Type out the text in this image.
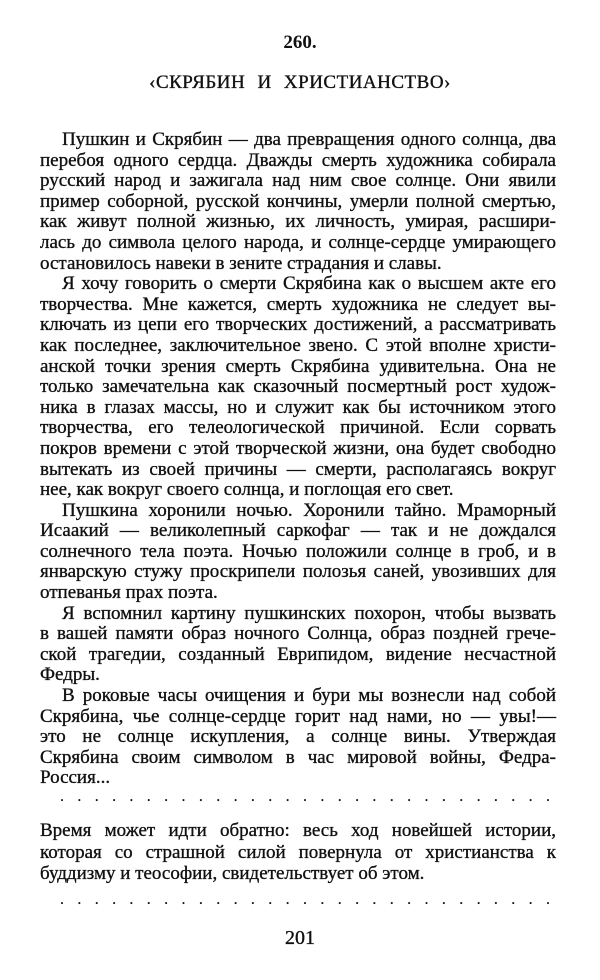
260.
‹СКРЯБИН И ХРИСТИАНСТВО›
Пушкин и Скрябин — два превращения одного солнца, два
перебоя одного сердца. Дважды смерть художника собирала
русский народ и зажигала над ним свое солнце. Они явили
пример соборной, русской кончины, умерли полной смертью,
как живут полной жизнью, их личность, умирая, расшири-
лась до символа целого народа, и солнце-сердце умирающего
остановилось навеки в зените страдания и славы.
Я хочу говорить о смерти Скрябина как о высшем акте его
творчества. Мне кажется, смерть художника не следует вы-
ключать из цепи его творческих достижений, а рассматривать
как последнее, заключительное звено. С этой вполне христи-
анской точки зрения смерть Скрябина удивительна. Она не
только замечательна как сказочный посмертный рост худож-
ника в глазах массы, но и служит как бы источником этого
творчества, его телеологической причиной. Если сорвать
покров времени с этой творческой жизни, она будет свободно
вытекать из своей причины — смерти, располагаясь вокруг
нее, как вокруг своего солнца, и поглощая его свет.
Пушкина хоронили ночью. Хоронили тайно. Мраморный
Исаакий — великолепный саркофаг — так и не дождался
солнечного тела поэта. Ночью положили солнце в гроб, и в
январскую стужу проскрипели полозья саней, увозивших для
отпеванья прах поэта.
Я вспомнил картину пушкинских похорон, чтобы вызвать
в вашей памяти образ ночного Солнца, образ поздней грече-
ской трагедии, созданный Еврипидом, видение несчастной
Федры.
В роковые часы очищения и бури мы вознесли над собой
Скрябина, чье солнце-сердце горит над нами, но — увы!—
это не солнце искупления, а солнце вины. Утверждая
Скрябина своим символом в час мировой войны, Федра-
Россия...
. . . . . . . . . . . . . . . . . . . . . . . . . . . . .
Время может идти обратно: весь ход новейшей истории,
которая со страшной силой повернула от христианства к
буддизму и теософии, свидетельствует об этом.
. . . . . . . . . . . . . . . . . . . . . . . . . . . . .
201
